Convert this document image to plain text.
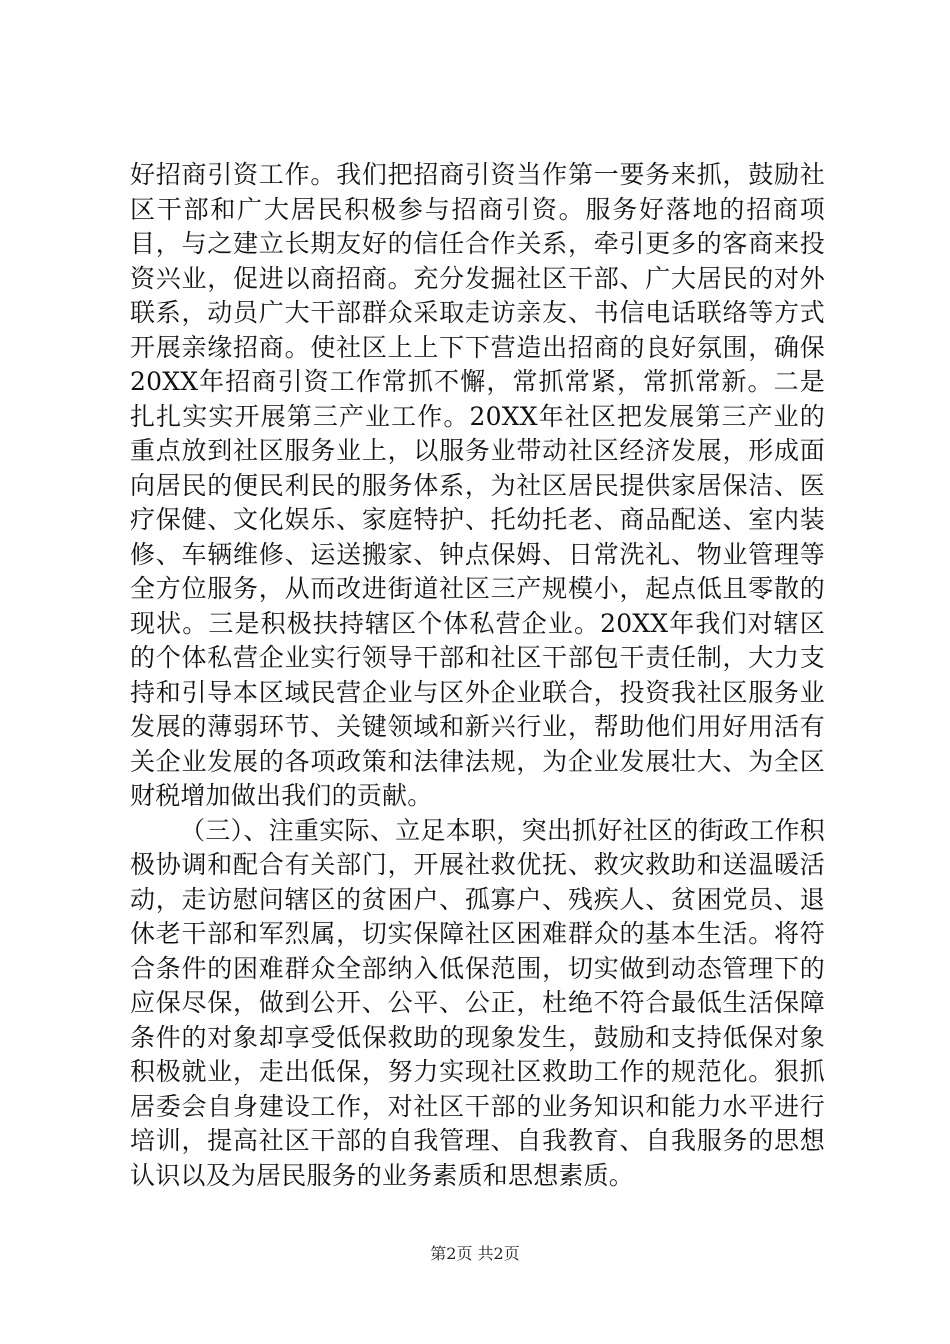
好招商引资工作。我们把招商引资当作第一要务来抓，鼓励社区干部和广大居民积极参与招商引资。服务好落地的招商项目，与之建立长期友好的信任合作关系，牵引更多的客商来投资兴业，促进以商招商。充分发掘社区干部、广大居民的对外联系，动员广大干部群众采取走访亲友、书信电话联络等方式开展亲缘招商。使社区上上下下营造出招商的良好氛围，确保20XX年招商引资工作常抓不懈，常抓常紧，常抓常新。二是扎扎实实开展第三产业工作。20XX年社区把发展第三产业的重点放到社区服务业上，以服务业带动社区经济发展，形成面向居民的便民利民的服务体系，为社区居民提供家居保洁、医疗保健、文化娱乐、家庭特护、托幼托老、商品配送、室内装修、车辆维修、运送搬家、钟点保姆、日常洗礼、物业管理等全方位服务，从而改进街道社区三产规模小，起点低且零散的现状。三是积极扶持辖区个体私营企业。20XX年我们对辖区的个体私营企业实行领导干部和社区干部包干责任制，大力支持和引导本区域民营企业与区外企业联合，投资我社区服务业发展的薄弱环节、关键领域和新兴行业，帮助他们用好用活有关企业发展的各项政策和法律法规，为企业发展壮大、为全区财税增加做出我们的贡献。

（三）、注重实际、立足本职，突出抓好社区的街政工作积极协调和配合有关部门，开展社救优抚、救灾救助和送温暖活动，走访慰问辖区的贫困户、孤寡户、残疾人、贫困党员、退休老干部和军烈属，切实保障社区困难群众的基本生活。将符合条件的困难群众全部纳入低保范围，切实做到动态管理下的应保尽保，做到公开、公平、公正，杜绝不符合最低生活保障条件的对象却享受低保救助的现象发生，鼓励和支持低保对象积极就业，走出低保，努力实现社区救助工作的规范化。狠抓居委会自身建设工作，对社区干部的业务知识和能力水平进行培训，提高社区干部的自我管理、自我教育、自我服务的思想认识以及为居民服务的业务素质和思想素质。

第2页 共2页
